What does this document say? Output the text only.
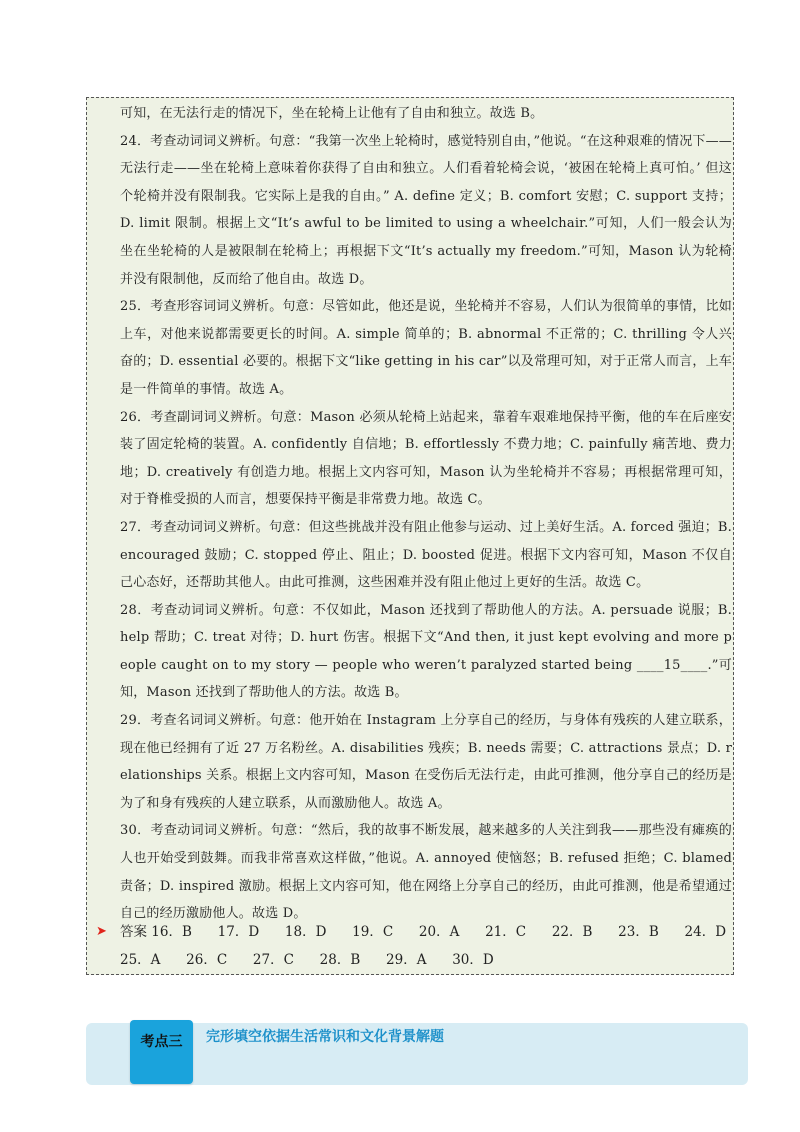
可知，在无法行走的情况下，坐在轮椅上让他有了自由和独立。故选 B。

24．考查动词词义辨析。句意：“我第一次坐上轮椅时，感觉特别自由，”他说。“在这种艰难的情况下——无法行走——坐在轮椅上意味着你获得了自由和独立。人们看着轮椅会说，‘被困在轮椅上真可怕。’ 但这个轮椅并没有限制我。它实际上是我的自由。” A. define 定义；B. comfort 安慰；C. support 支持；D. limit 限制。根据上文“It’s awful to be limited to using a wheelchair.”可知，人们一般会认为坐在坐轮椅的人是被限制在轮椅上；再根据下文“It’s actually my freedom.”可知，Mason 认为轮椅并没有限制他，反而给了他自由。故选 D。

25．考查形容词词义辨析。句意：尽管如此，他还是说，坐轮椅并不容易，人们认为很简单的事情，比如上车，对他来说都需要更长的时间。A. simple 简单的；B. abnormal 不正常的；C. thrilling 令人兴奋的；D. essential 必要的。根据下文“like getting in his car”以及常理可知，对于正常人而言，上车是一件简单的事情。故选 A。

26．考查副词词义辨析。句意：Mason 必须从轮椅上站起来，靠着车艰难地保持平衡，他的车在后座安装了固定轮椅的装置。A. confidently 自信地；B. effortlessly 不费力地；C. painfully 痛苦地、费力地；D. creatively 有创造力地。根据上文内容可知，Mason 认为坐轮椅并不容易；再根据常理可知，对于脊椎受损的人而言，想要保持平衡是非常费力地。故选 C。

27．考查动词词义辨析。句意：但这些挑战并没有阻止他参与运动、过上美好生活。A. forced 强迫；B. encouraged 鼓励；C. stopped 停止、阻止；D. boosted 促进。根据下文内容可知，Mason 不仅自己心态好，还帮助其他人。由此可推测，这些困难并没有阻止他过上更好的生活。故选 C。

28．考查动词词义辨析。句意：不仅如此，Mason 还找到了帮助他人的方法。A. persuade 说服；B. help 帮助；C. treat 对待；D. hurt 伤害。根据下文“And then, it just kept evolving and more people caught on to my story — people who weren’t paralyzed started being ____15____.”可知，Mason 还找到了帮助他人的方法。故选 B。

29．考查名词词义辨析。句意：他开始在 Instagram 上分享自己的经历，与身体有残疾的人建立联系，现在他已经拥有了近 27 万名粉丝。A. disabilities 残疾；B. needs 需要；C. attractions 景点；D. relationships 关系。根据上文内容可知，Mason 在受伤后无法行走，由此可推测，他分享自己的经历是为了和身有残疾的人建立联系，从而激励他人。故选 A。

30．考查动词词义辨析。句意：“然后，我的故事不断发展，越来越多的人关注到我——那些没有瘫痪的人也开始受到鼓舞。而我非常喜欢这样做，”他说。A. annoyed 使恼怒；B. refused 拒绝；C. blamed 责备；D. inspired 激励。根据上文内容可知，他在网络上分享自己的经历，由此可推测，他是希望通过自己的经历激励他人。故选 D。

➤ 答案 16．B      17．D      18．D      19．C      20．A      21．C      22．B      23．B      24．D
25．A      26．C      27．C      28．B      29．A      30．D
考点三	完形填空依据生活常识和文化背景解题
